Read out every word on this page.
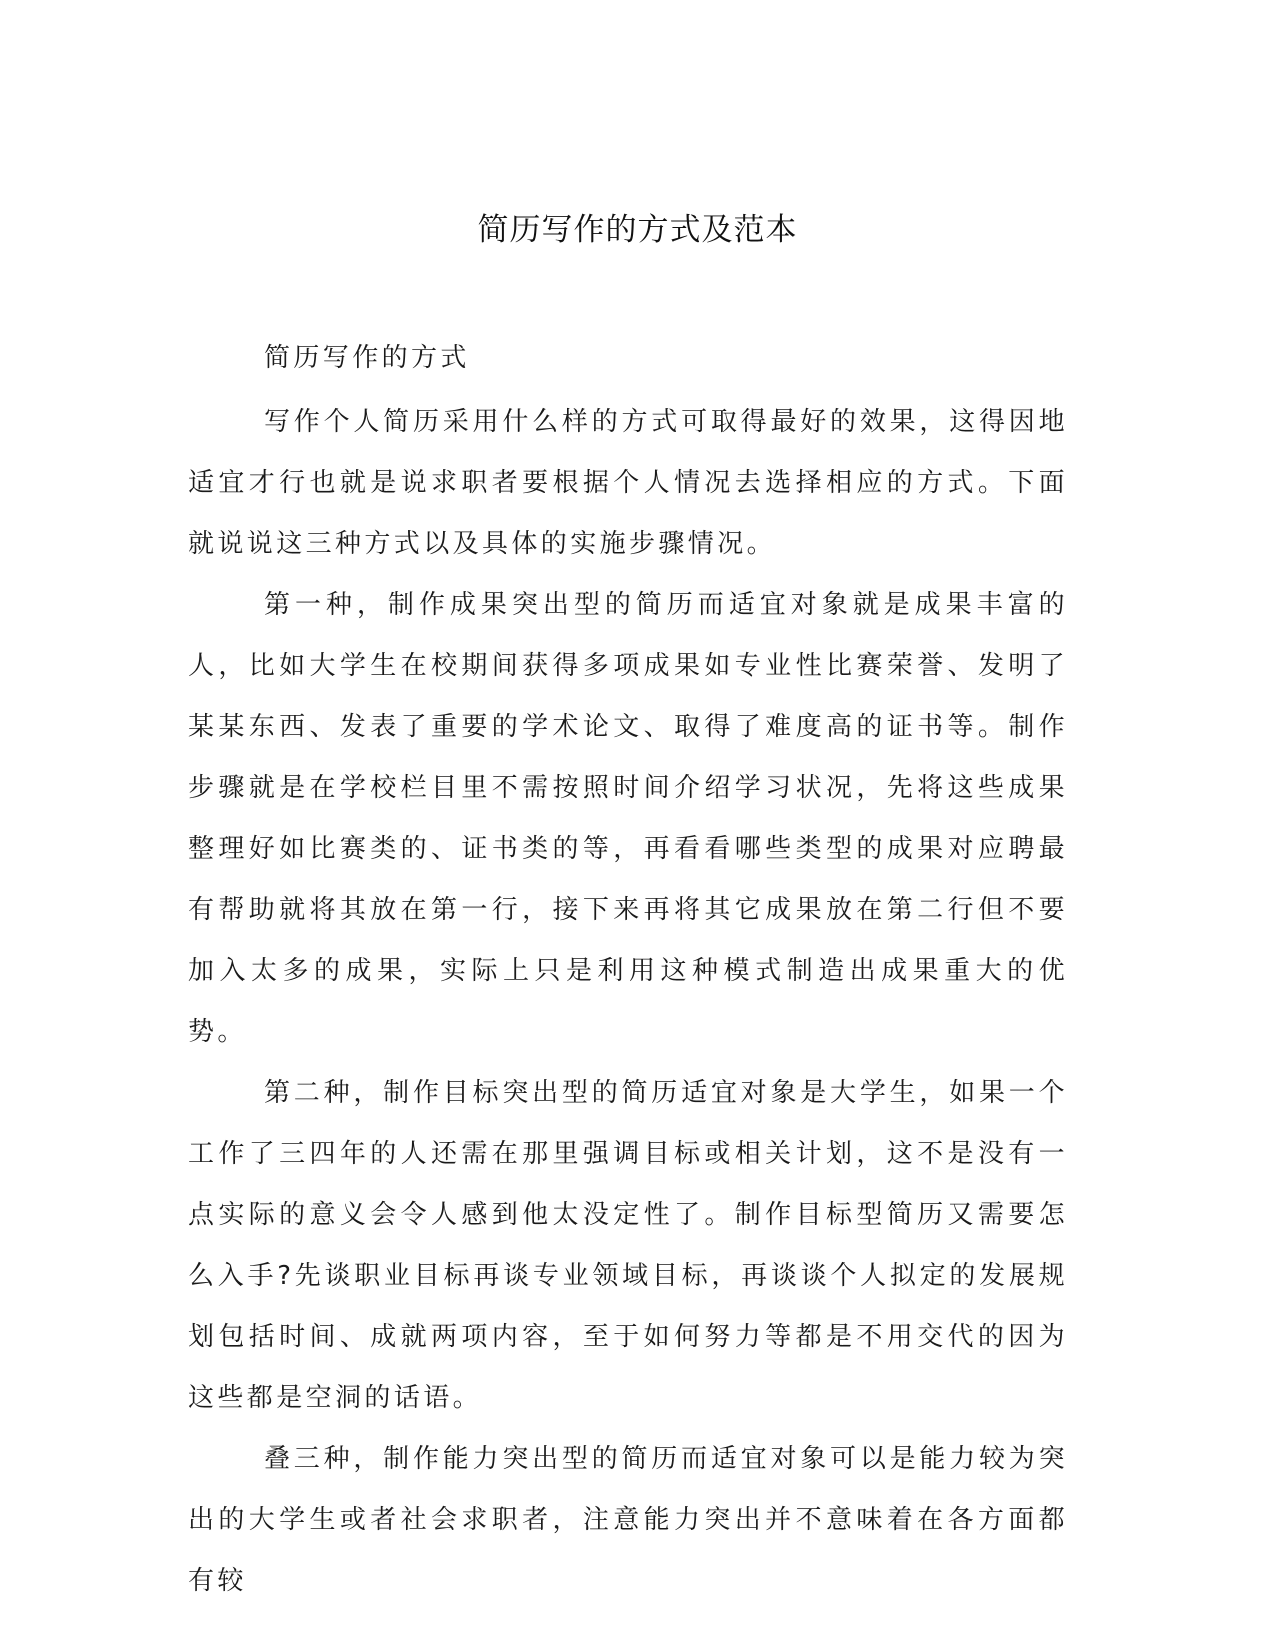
简历写作的方式及范本

简历写作的方式

写作个人简历采用什么样的方式可取得最好的效果，这得因地适宜才行也就是说求职者要根据个人情况去选择相应的方式。下面就说说这三种方式以及具体的实施步骤情况。

第一种，制作成果突出型的简历而适宜对象就是成果丰富的人，比如大学生在校期间获得多项成果如专业性比赛荣誉、发明了某某东西、发表了重要的学术论文、取得了难度高的证书等。制作步骤就是在学校栏目里不需按照时间介绍学习状况，先将这些成果整理好如比赛类的、证书类的等，再看看哪些类型的成果对应聘最有帮助就将其放在第一行，接下来再将其它成果放在第二行但不要加入太多的成果，实际上只是利用这种模式制造出成果重大的优势。

第二种，制作目标突出型的简历适宜对象是大学生，如果一个工作了三四年的人还需在那里强调目标或相关计划，这不是没有一点实际的意义会令人感到他太没定性了。制作目标型简历又需要怎么入手?先谈职业目标再谈专业领域目标，再谈谈个人拟定的发展规划包括时间、成就两项内容，至于如何努力等都是不用交代的因为这些都是空洞的话语。

叠三种，制作能力突出型的简历而适宜对象可以是能力较为突出的大学生或者社会求职者，注意能力突出并不意味着在各方面都有较
